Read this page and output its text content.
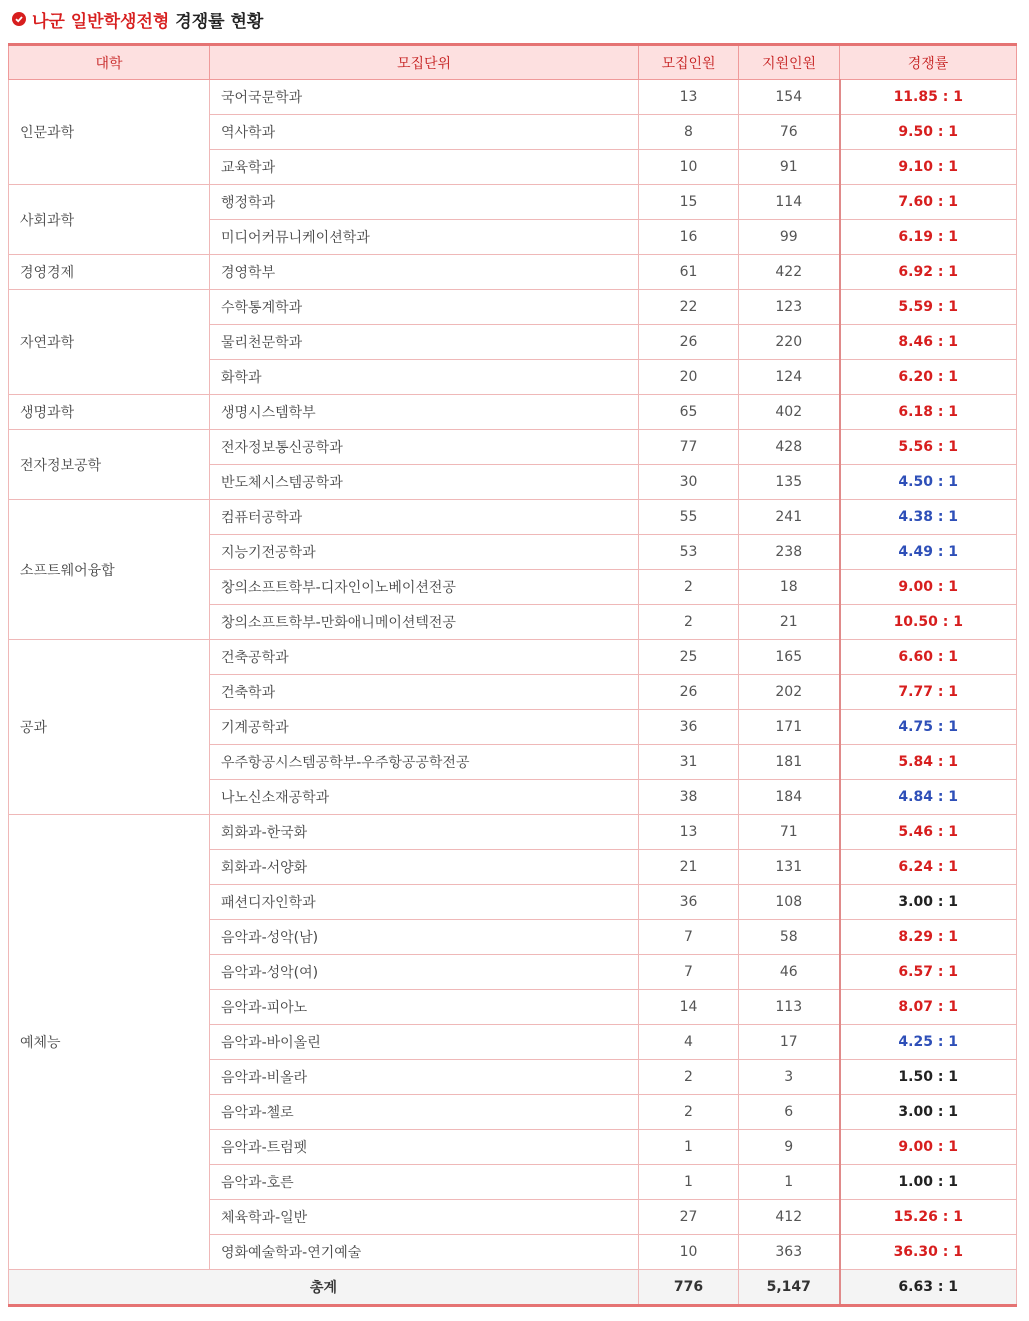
나군 일반학생전형 경쟁률 현황
대학	모집단위	모집인원	지원인원	경쟁률
인문과학	국어국문학과	13	154	11.85 : 1
	역사학과	8	76	9.50 : 1
	교육학과	10	91	9.10 : 1
사회과학	행정학과	15	114	7.60 : 1
	미디어커뮤니케이션학과	16	99	6.19 : 1
경영경제	경영학부	61	422	6.92 : 1
자연과학	수학통계학과	22	123	5.59 : 1
	물리천문학과	26	220	8.46 : 1
	화학과	20	124	6.20 : 1
생명과학	생명시스템학부	65	402	6.18 : 1
전자정보공학	전자정보통신공학과	77	428	5.56 : 1
	반도체시스템공학과	30	135	4.50 : 1
소프트웨어융합	컴퓨터공학과	55	241	4.38 : 1
	지능기전공학과	53	238	4.49 : 1
	창의소프트학부-디자인이노베이션전공	2	18	9.00 : 1
	창의소프트학부-만화애니메이션텍전공	2	21	10.50 : 1
공과	건축공학과	25	165	6.60 : 1
	건축학과	26	202	7.77 : 1
	기계공학과	36	171	4.75 : 1
	우주항공시스템공학부-우주항공공학전공	31	181	5.84 : 1
	나노신소재공학과	38	184	4.84 : 1
예체능	회화과-한국화	13	71	5.46 : 1
	회화과-서양화	21	131	6.24 : 1
	패션디자인학과	36	108	3.00 : 1
	음악과-성악(남)	7	58	8.29 : 1
	음악과-성악(여)	7	46	6.57 : 1
	음악과-피아노	14	113	8.07 : 1
	음악과-바이올린	4	17	4.25 : 1
	음악과-비올라	2	3	1.50 : 1
	음악과-첼로	2	6	3.00 : 1
	음악과-트럼펫	1	9	9.00 : 1
	음악과-호른	1	1	1.00 : 1
	체육학과-일반	27	412	15.26 : 1
	영화예술학과-연기예술	10	363	36.30 : 1
총계		776	5,147	6.63 : 1
